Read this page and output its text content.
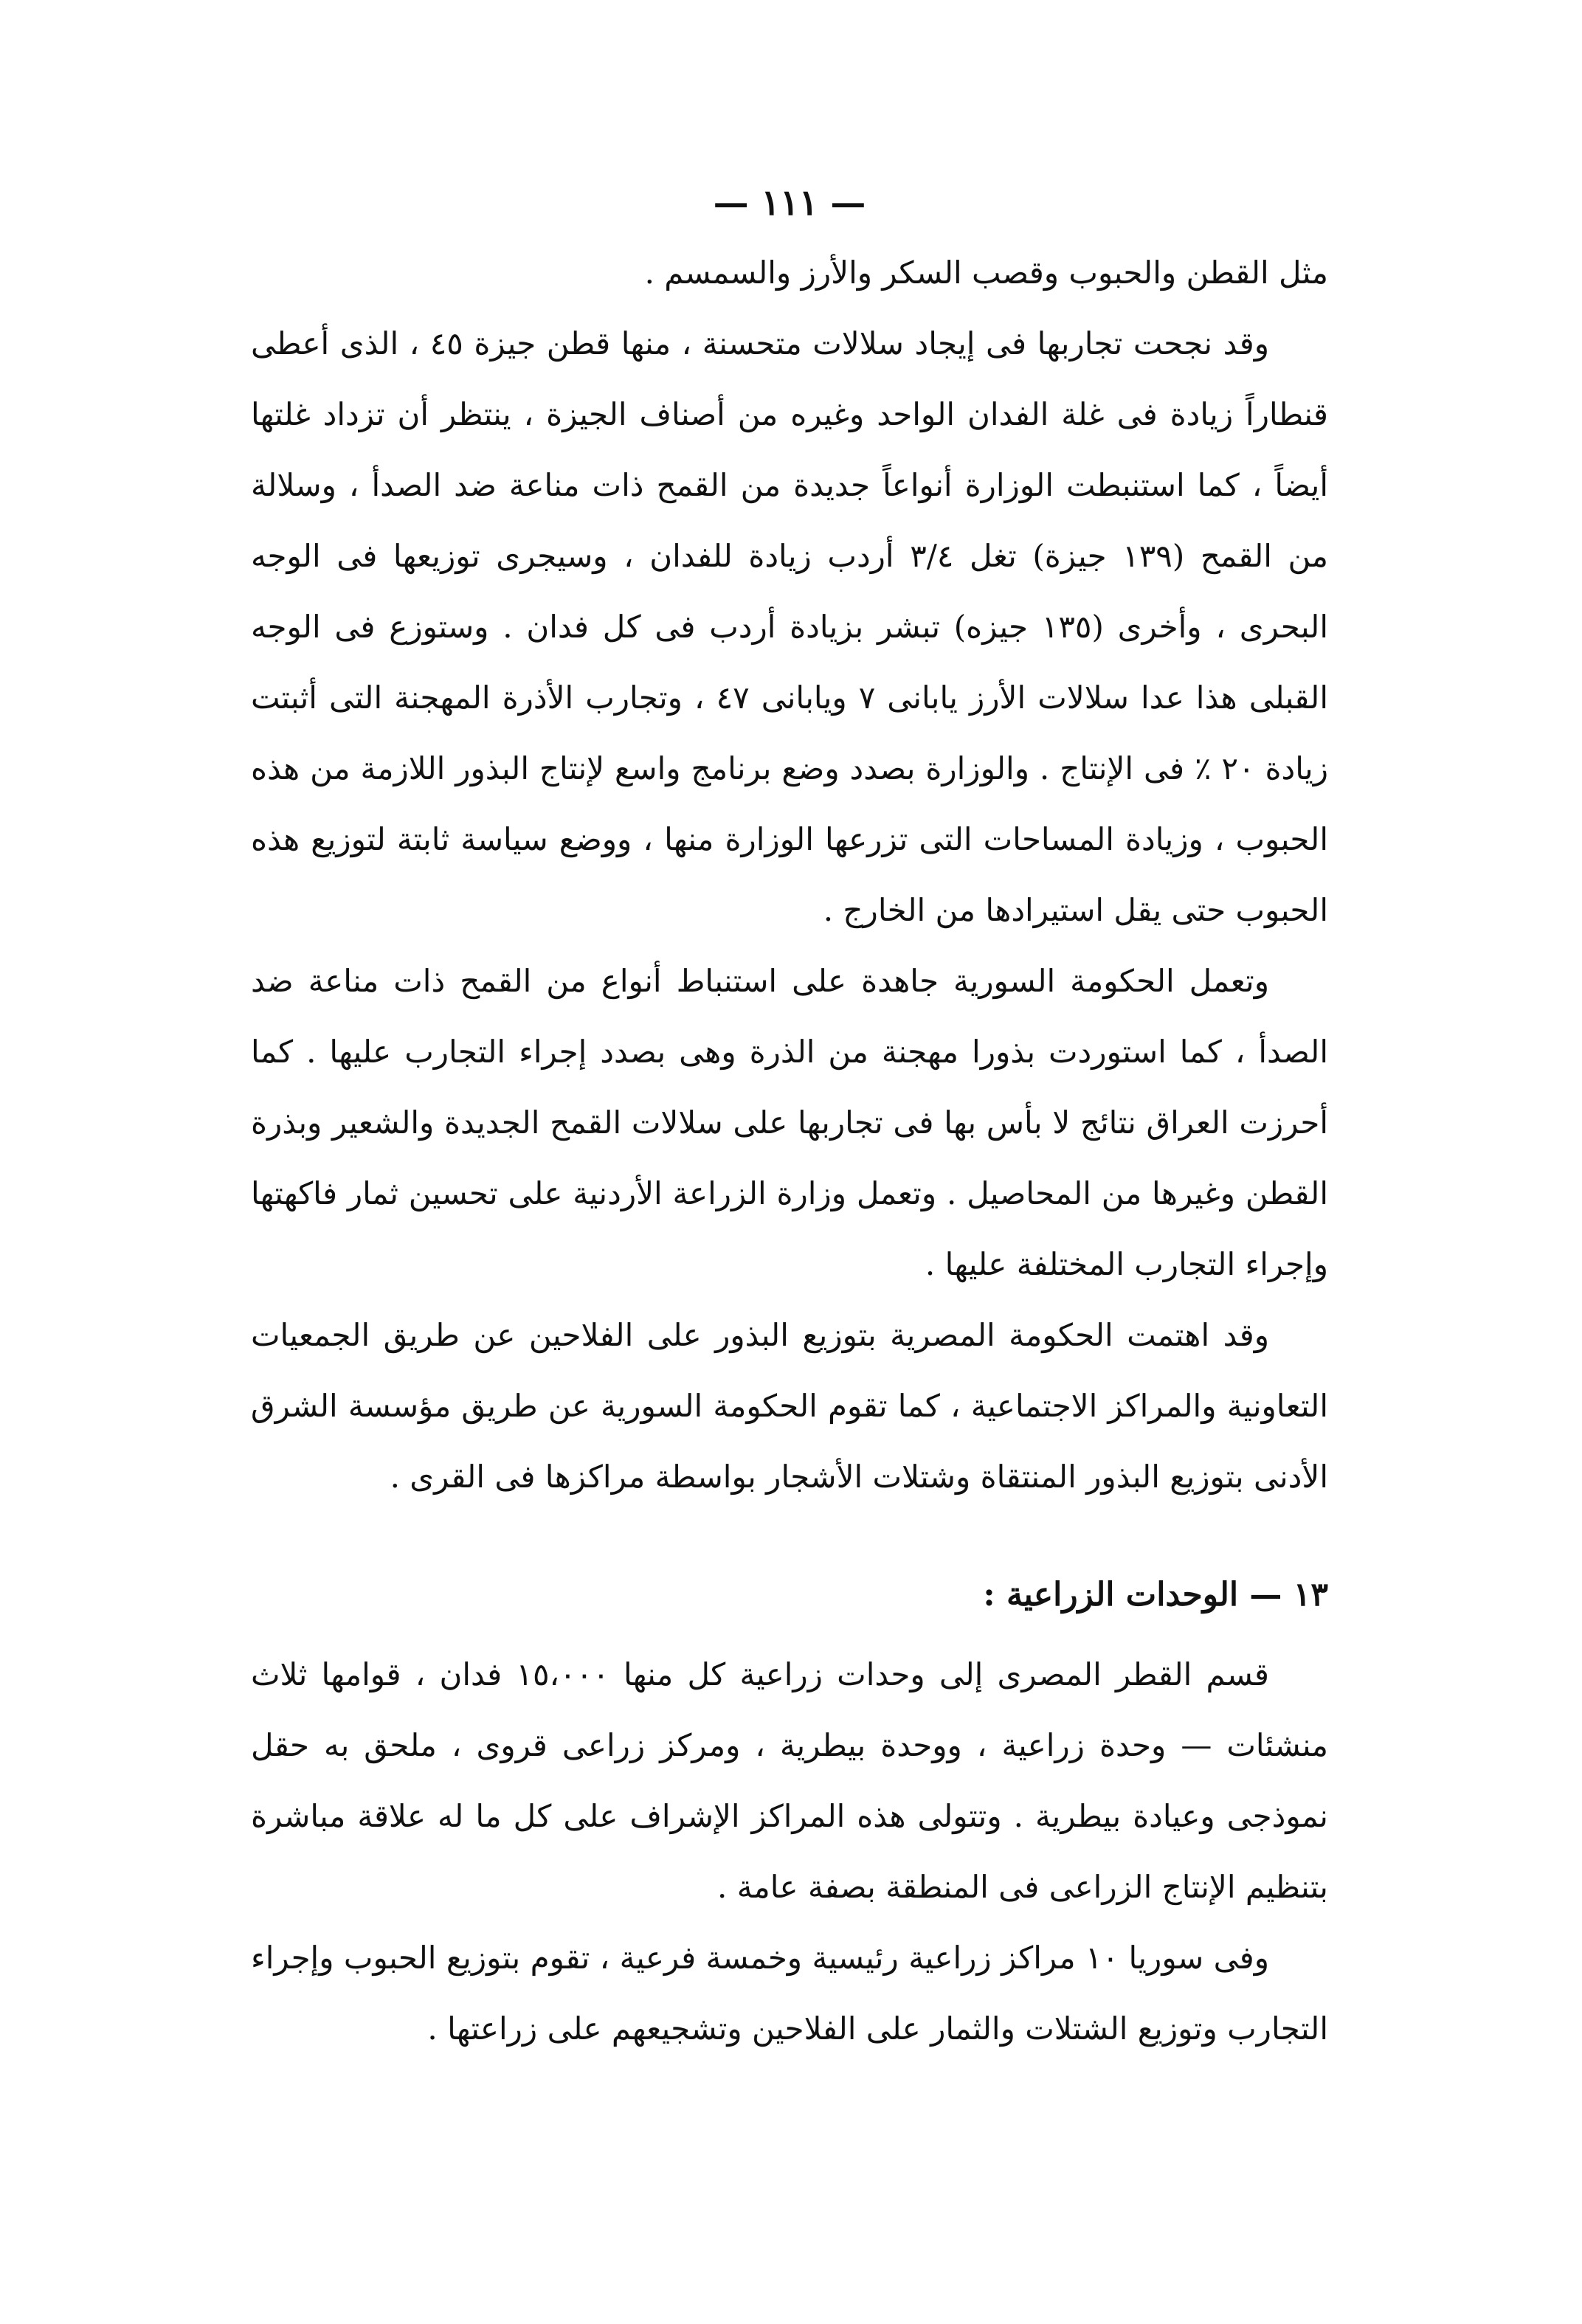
— ١١١ —

مثل القطن والحبوب وقصب السكر والأرز والسمسم .

وقد نجحت تجاربها فى إيجاد سلالات متحسنة ، منها قطن جيزة ٤٥ ، الذى أعطى قنطاراً زيادة فى غلة الفدان الواحد وغيره من أصناف الجيزة ، ينتظر أن تزداد غلتها أيضاً ، كما استنبطت الوزارة أنواعاً جديدة من القمح ذات مناعة ضد الصدأ ، وسلالة من القمح (١٣٩ جيزة) تغل ٣/٤ أردب زيادة للفدان ، وسيجرى توزيعها فى الوجه البحرى ، وأخرى (١٣٥ جيزه) تبشر بزيادة أردب فى كل فدان . وستوزع فى الوجه القبلى هذا عدا سلالات الأرز يابانى ٧ ويابانى ٤٧ ، وتجارب الأذرة المهجنة التى أثبتت زيادة ٢٠ ٪ فى الإنتاج . والوزارة بصدد وضع برنامج واسع لإنتاج البذور اللازمة من هذه الحبوب ، وزيادة المساحات التى تزرعها الوزارة منها ، ووضع سياسة ثابتة لتوزيع هذه الحبوب حتى يقل استيرادها من الخارج .

وتعمل الحكومة السورية جاهدة على استنباط أنواع من القمح ذات مناعة ضد الصدأ ، كما استوردت بذورا مهجنة من الذرة وهى بصدد إجراء التجارب عليها . كما أحرزت العراق نتائج لا بأس بها فى تجاربها على سلالات القمح الجديدة والشعير وبذرة القطن وغيرها من المحاصيل . وتعمل وزارة الزراعة الأردنية على تحسين ثمار فاكهتها وإجراء التجارب المختلفة عليها .

وقد اهتمت الحكومة المصرية بتوزيع البذور على الفلاحين عن طريق الجمعيات التعاونية والمراكز الاجتماعية ، كما تقوم الحكومة السورية عن طريق مؤسسة الشرق الأدنى بتوزيع البذور المنتقاة وشتلات الأشجار بواسطة مراكزها فى القرى .

١٣ — الوحدات الزراعية :

قسم القطر المصرى إلى وحدات زراعية كل منها ١٥،٠٠٠ فدان ، قوامها ثلاث منشئات — وحدة زراعية ، ووحدة بيطرية ، ومركز زراعى قروى ، ملحق به حقل نموذجى وعيادة بيطرية . وتتولى هذه المراكز الإشراف على كل ما له علاقة مباشرة بتنظيم الإنتاج الزراعى فى المنطقة بصفة عامة .

وفى سوريا ١٠ مراكز زراعية رئيسية وخمسة فرعية ، تقوم بتوزيع الحبوب وإجراء التجارب وتوزيع الشتلات والثمار على الفلاحين وتشجيعهم على زراعتها .
